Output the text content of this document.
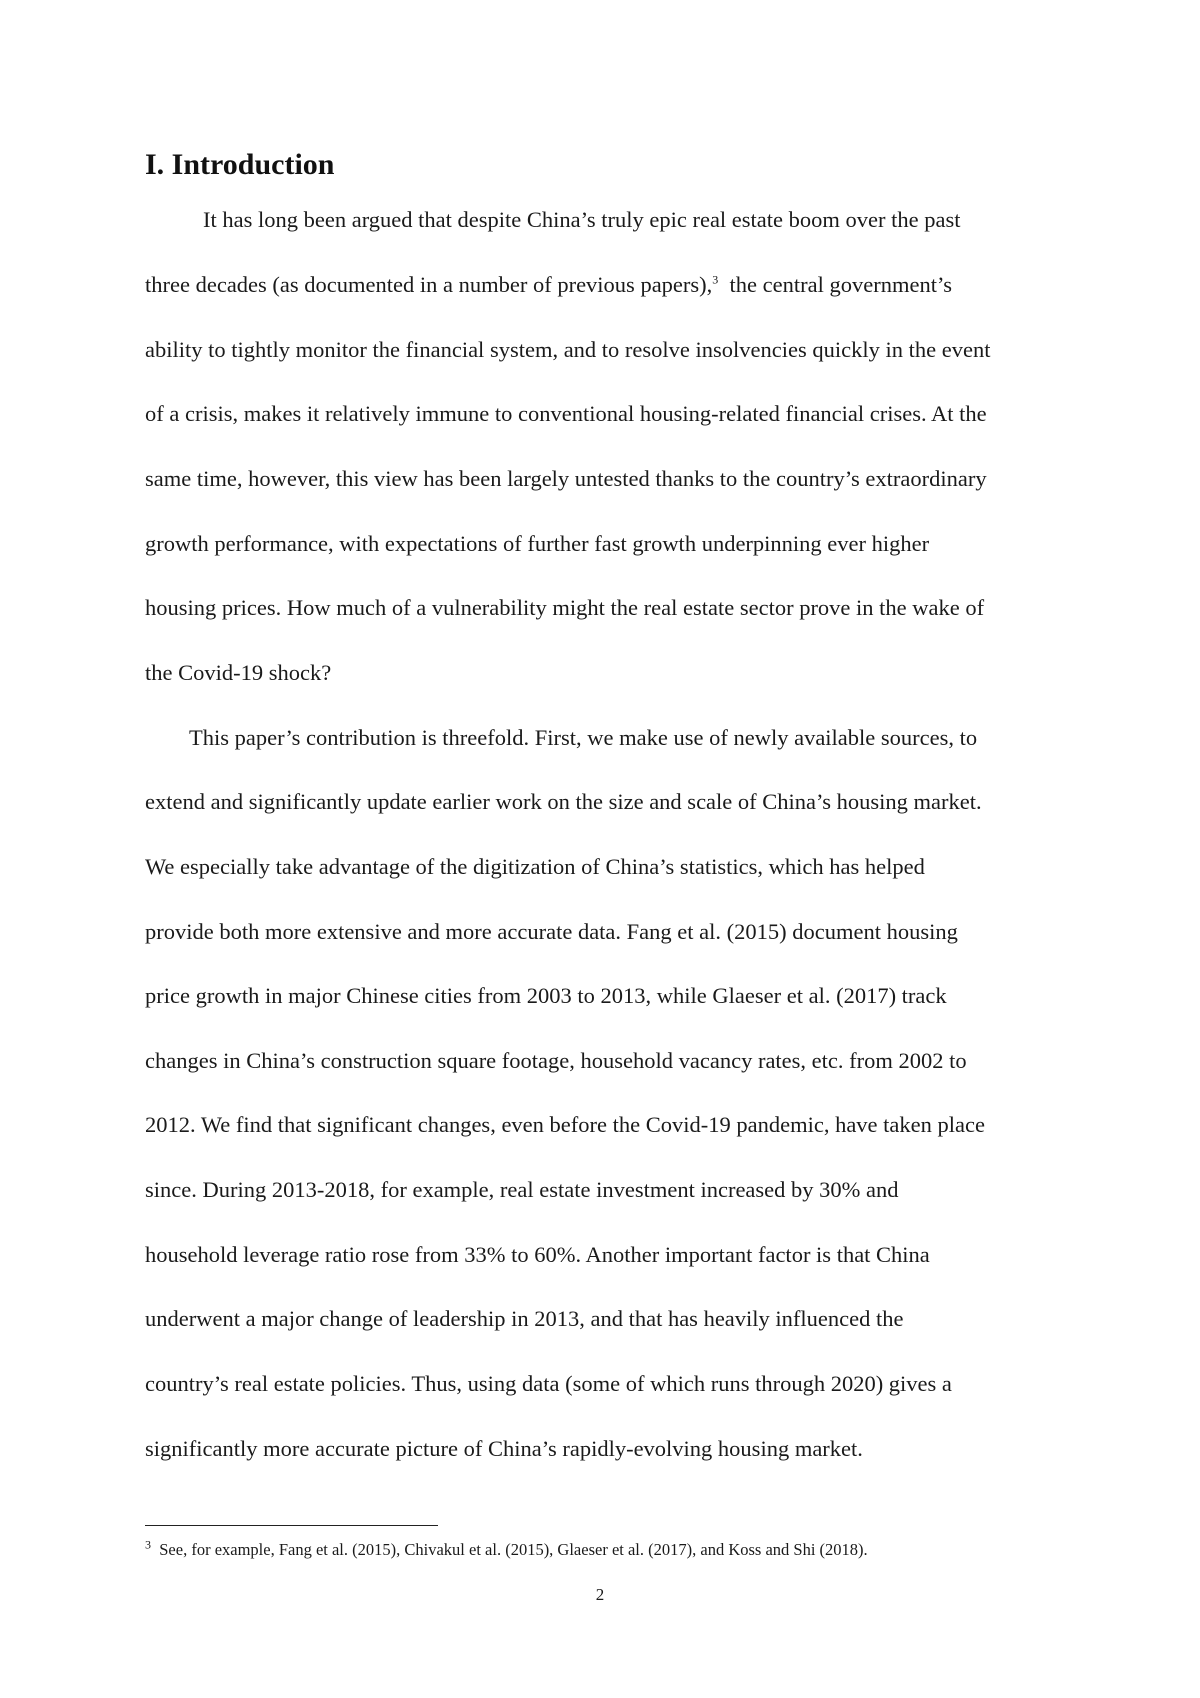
I. Introduction

It has long been argued that despite China’s truly epic real estate boom over the past

three decades (as documented in a number of previous papers),$^3$ the central government’s

ability to tightly monitor the financial system, and to resolve insolvencies quickly in the event

of a crisis, makes it relatively immune to conventional housing-related financial crises. At the

same time, however, this view has been largely untested thanks to the country’s extraordinary

growth performance, with expectations of further fast growth underpinning ever higher

housing prices. How much of a vulnerability might the real estate sector prove in the wake of

the Covid-19 shock?

This paper’s contribution is threefold. First, we make use of newly available sources, to

extend and significantly update earlier work on the size and scale of China’s housing market.

We especially take advantage of the digitization of China’s statistics, which has helped

provide both more extensive and more accurate data. Fang et al. (2015) document housing

price growth in major Chinese cities from 2003 to 2013, while Glaeser et al. (2017) track

changes in China’s construction square footage, household vacancy rates, etc. from 2002 to

2012. We find that significant changes, even before the Covid-19 pandemic, have taken place

since. During 2013-2018, for example, real estate investment increased by 30% and

household leverage ratio rose from 33% to 60%. Another important factor is that China

underwent a major change of leadership in 2013, and that has heavily influenced the

country’s real estate policies. Thus, using data (some of which runs through 2020) gives a

significantly more accurate picture of China’s rapidly-evolving housing market.

$^3$ See, for example, Fang et al. (2015), Chivakul et al. (2015), Glaeser et al. (2017), and Koss and Shi (2018).

2
